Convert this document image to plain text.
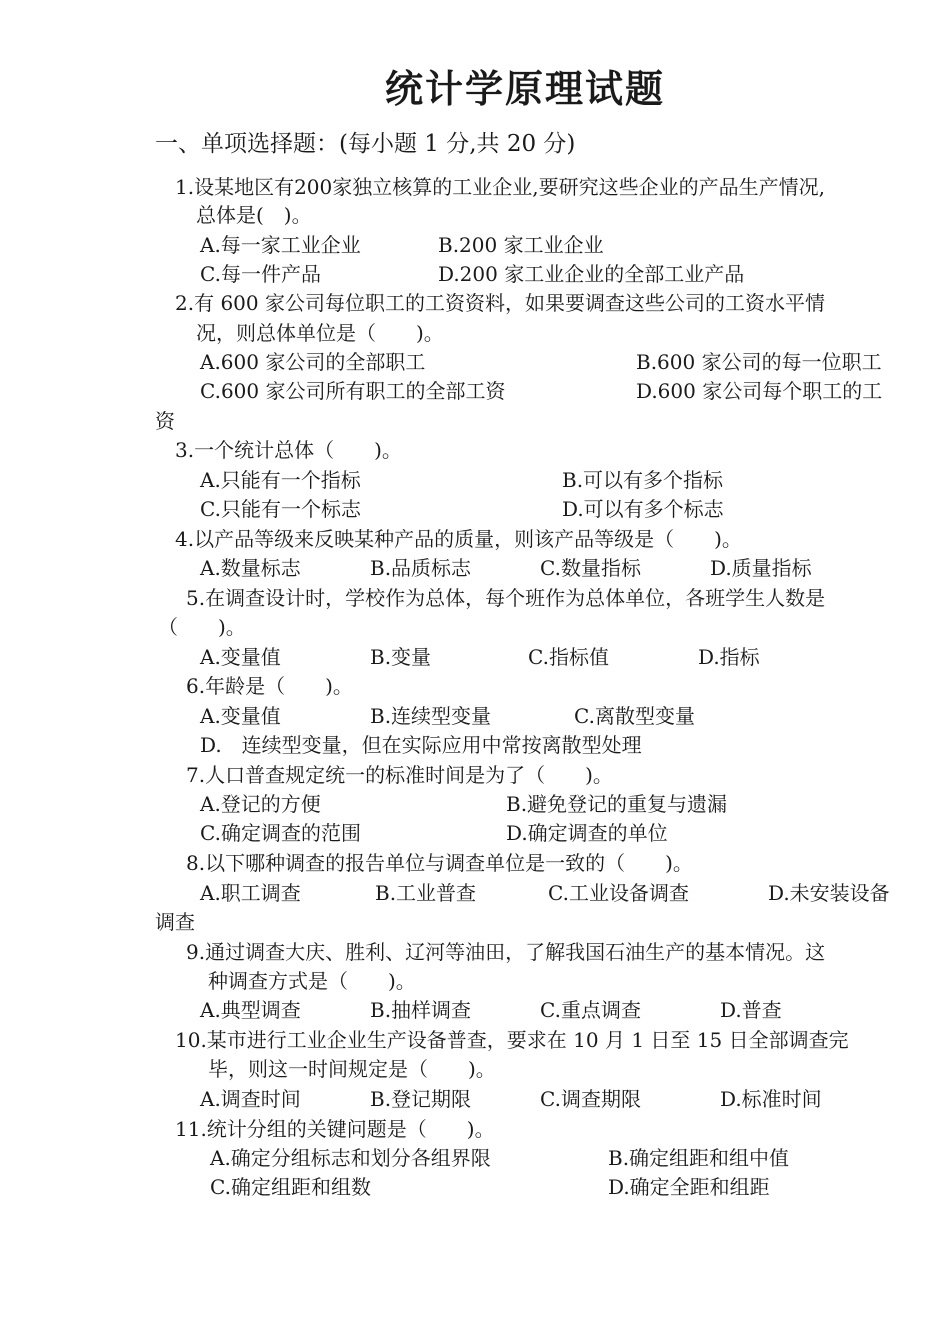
统计学原理试题
一、单项选择题：(每小题 1 分,共 20 分)
1.设某地区有200家独立核算的工业企业,要研究这些企业的产品生产情况,
总体是(　)。
A.每一家工业企业	B.200 家工业企业
C.每一件产品	D.200 家工业企业的全部工业产品
2.有 600 家公司每位职工的工资资料，如果要调查这些公司的工资水平情
况，则总体单位是（　　)。
A.600 家公司的全部职工	B.600 家公司的每一位职工
C.600 家公司所有职工的全部工资	D.600 家公司每个职工的工
资
3.一个统计总体（　　)。
A.只能有一个指标	B.可以有多个指标
C.只能有一个标志	D.可以有多个标志
4.以产品等级来反映某种产品的质量，则该产品等级是（　　)。
A.数量标志	B.品质标志	C.数量指标	D.质量指标
5.在调查设计时，学校作为总体，每个班作为总体单位，各班学生人数是
（　　)。
A.变量值	B.变量	C.指标值	D.指标
6.年龄是（　　)。
A.变量值	B.连续型变量	C.离散型变量
D.　连续型变量，但在实际应用中常按离散型处理
7.人口普查规定统一的标准时间是为了（　　)。
A.登记的方便	B.避免登记的重复与遗漏
C.确定调查的范围	D.确定调查的单位
8.以下哪种调查的报告单位与调查单位是一致的（　　)。
A.职工调查	B.工业普查	C.工业设备调查	D.未安装设备
调查
9.通过调查大庆、胜利、辽河等油田，了解我国石油生产的基本情况。这
种调查方式是（　　)。
A.典型调查	B.抽样调查	C.重点调查	D.普查
10.某市进行工业企业生产设备普查，要求在 10 月 1 日至 15 日全部调查完
毕，则这一时间规定是（　　)。
A.调查时间	B.登记期限	C.调查期限	D.标准时间
11.统计分组的关键问题是（　　)。
A.确定分组标志和划分各组界限	B.确定组距和组中值
C.确定组距和组数	D.确定全距和组距
